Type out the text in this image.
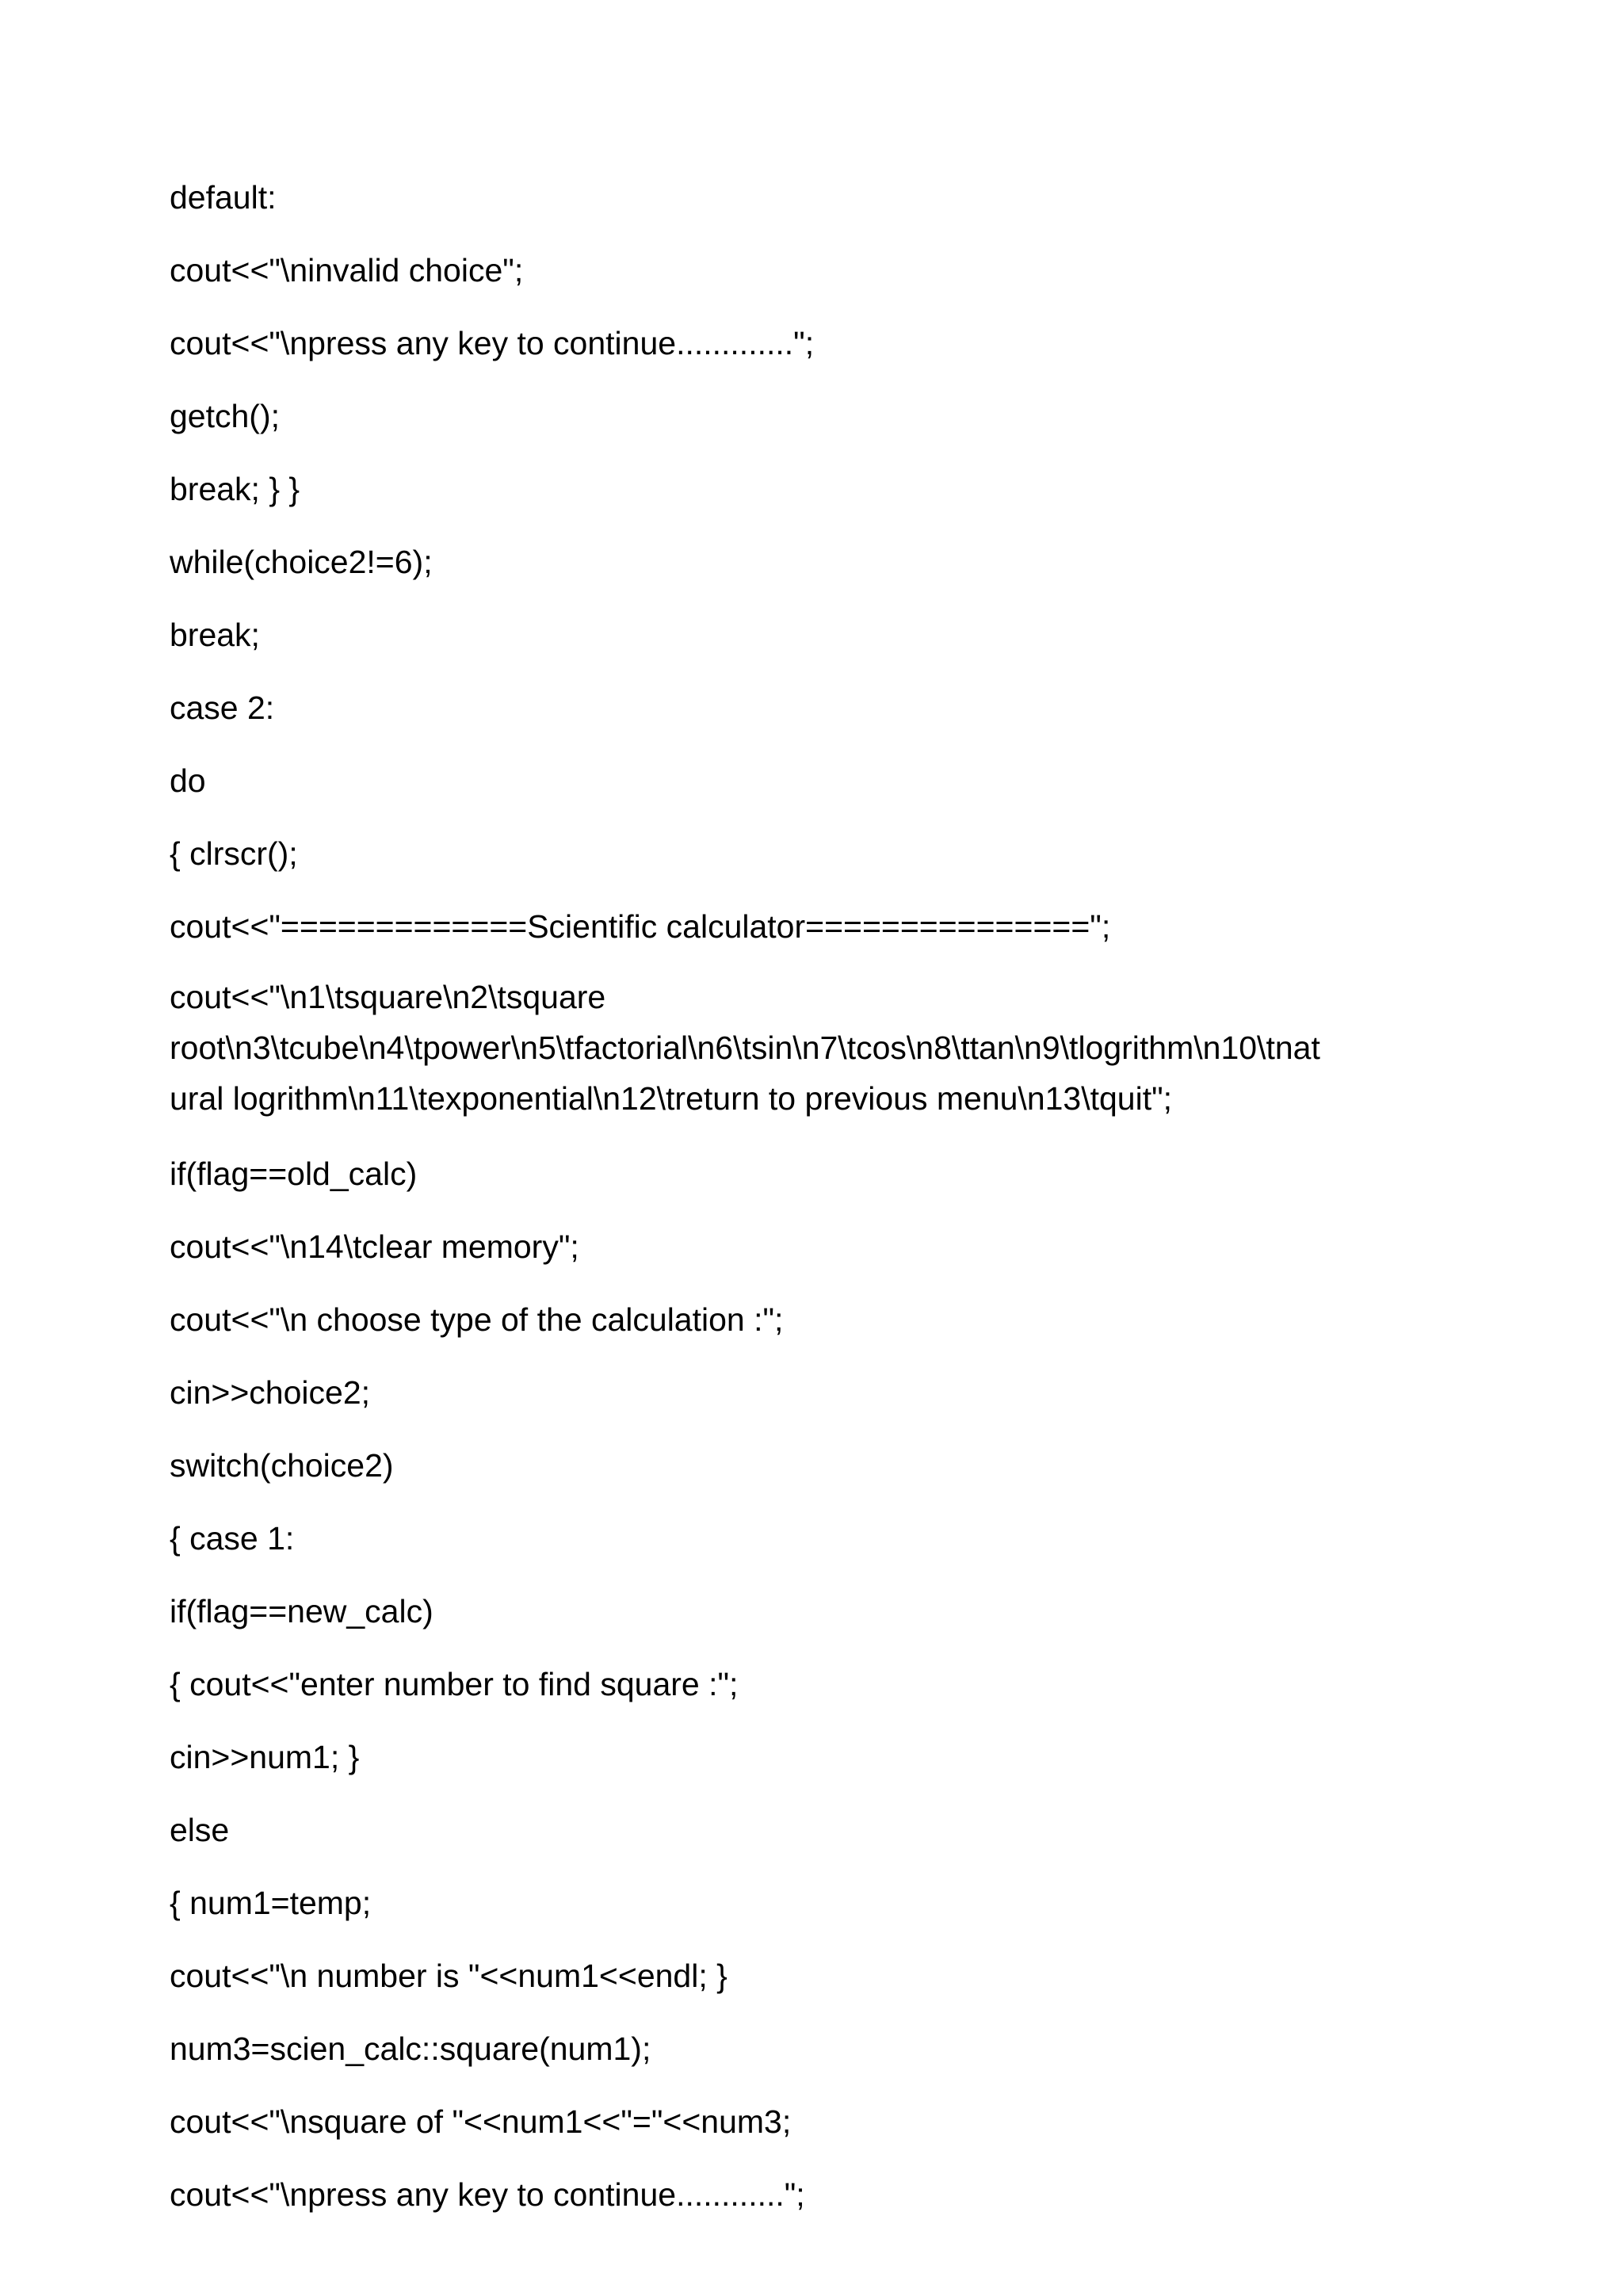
default:
cout<<"\ninvalid choice";
cout<<"\npress any key to continue.............";
getch();
break; } }
while(choice2!=6);
break;
case 2:
do
{ clrscr();
cout<<"=============Scientific calculator===============";
cout<<"\n1\tsquare\n2\tsquare
root\n3\tcube\n4\tpower\n5\tfactorial\n6\tsin\n7\tcos\n8\ttan\n9\tlogrithm\n10\tnat
ural logrithm\n11\texponential\n12\treturn to previous menu\n13\tquit";
if(flag==old_calc)
cout<<"\n14\tclear memory";
cout<<"\n choose type of the calculation :";
cin>>choice2;
switch(choice2)
{ case 1:
if(flag==new_calc)
{ cout<<"enter number to find square :";
cin>>num1; }
else
{ num1=temp;
cout<<"\n number is "<<num1<<endl; }
num3=scien_calc::square(num1);
cout<<"\nsquare of "<<num1<<"="<<num3;
cout<<"\npress any key to continue............";
